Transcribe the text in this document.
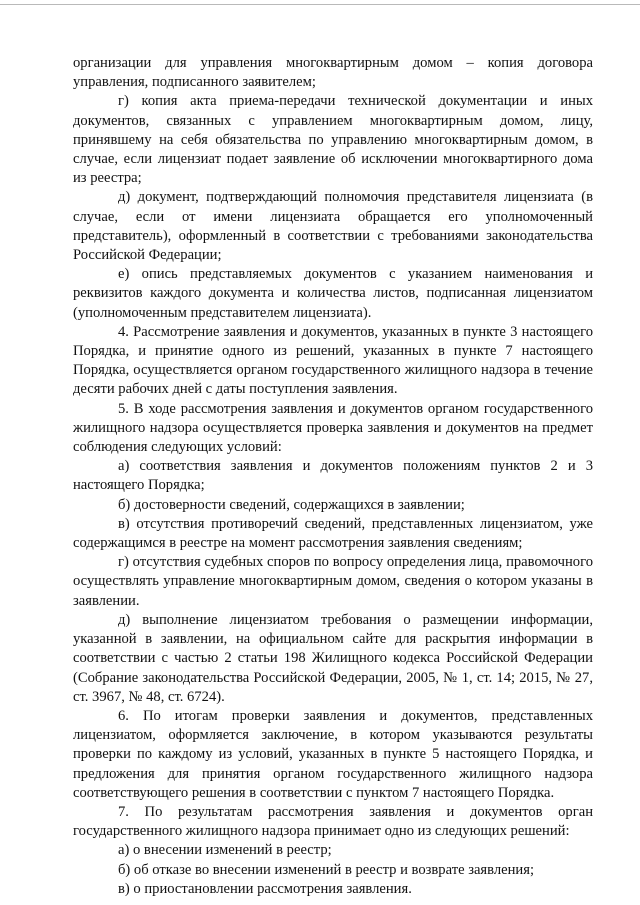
организации для управления многоквартирным домом – копия договора управления, подписанного заявителем;

г) копия акта приема-передачи технической документации и иных документов, связанных с управлением многоквартирным домом, лицу, принявшему на себя обязательства по управлению многоквартирным домом, в случае, если лицензиат подает заявление об исключении многоквартирного дома из реестра;

д) документ, подтверждающий полномочия представителя лицензиата (в случае, если от имени лицензиата обращается его уполномоченный представитель), оформленный в соответствии с требованиями законодательства Российской Федерации;

е) опись представляемых документов с указанием наименования и реквизитов каждого документа и количества листов, подписанная лицензиатом (уполномоченным представителем лицензиата).

4. Рассмотрение заявления и документов, указанных в пункте 3 настоящего Порядка, и принятие одного из решений, указанных в пункте 7 настоящего Порядка, осуществляется органом государственного жилищного надзора в течение десяти рабочих дней с даты поступления заявления.

5. В ходе рассмотрения заявления и документов органом государственного жилищного надзора осуществляется проверка заявления и документов на предмет соблюдения следующих условий:

а) соответствия заявления и документов положениям пунктов 2 и 3 настоящего Порядка;

б) достоверности сведений, содержащихся в заявлении;

в) отсутствия противоречий сведений, представленных лицензиатом, уже содержащимся в реестре на момент рассмотрения заявления сведениям;

г) отсутствия судебных споров по вопросу определения лица, правомочного осуществлять управление многоквартирным домом, сведения о котором указаны в заявлении.

д) выполнение лицензиатом требования о размещении информации, указанной в заявлении, на официальном сайте для раскрытия информации в соответствии с частью 2 статьи 198 Жилищного кодекса Российской Федерации (Собрание законодательства Российской Федерации, 2005, № 1, ст. 14; 2015, № 27, ст. 3967, № 48, ст. 6724).

6. По итогам проверки заявления и документов, представленных лицензиатом, оформляется заключение, в котором указываются результаты проверки по каждому из условий, указанных в пункте 5 настоящего Порядка, и предложения для принятия органом государственного жилищного надзора соответствующего решения в соответствии с пунктом 7 настоящего Порядка.

7. По результатам рассмотрения заявления и документов орган государственного жилищного надзора принимает одно из следующих решений:

а) о внесении изменений в реестр;

б) об отказе во внесении изменений в реестр и возврате заявления;

в) о приостановлении рассмотрения заявления.
